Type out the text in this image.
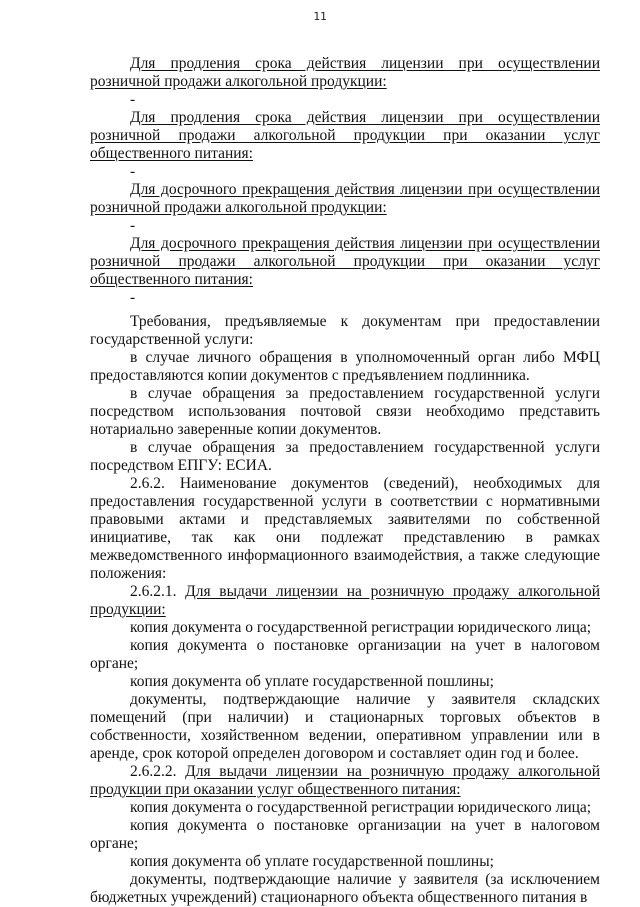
11

Для продления срока действия лицензии при осуществлении розничной продажи алкогольной продукции:

-

Для продления срока действия лицензии при осуществлении розничной продажи алкогольной продукции при оказании услуг общественного питания:

-

Для досрочного прекращения действия лицензии при осуществлении розничной продажи алкогольной продукции:

-

Для досрочного прекращения действия лицензии при осуществлении розничной продажи алкогольной продукции при оказании услуг общественного питания:

-

Требования, предъявляемые к документам при предоставлении государственной услуги:

в случае личного обращения в уполномоченный орган либо МФЦ предоставляются копии документов с предъявлением подлинника.

в случае обращения за предоставлением государственной услуги посредством использования почтовой связи необходимо представить нотариально заверенные копии документов.

в случае обращения за предоставлением государственной услуги посредством ЕПГУ: ЕСИА.

2.6.2. Наименование документов (сведений), необходимых для предоставления государственной услуги в соответствии с нормативными правовыми актами и представляемых заявителями по собственной инициативе, так как они подлежат представлению в рамках межведомственного информационного взаимодействия, а также следующие положения:

2.6.2.1. Для выдачи лицензии на розничную продажу алкогольной продукции:

копия документа о государственной регистрации юридического лица;

копия документа о постановке организации на учет в налоговом органе;

копия документа об уплате государственной пошлины;

документы, подтверждающие наличие у заявителя складских помещений (при наличии) и стационарных торговых объектов в собственности, хозяйственном ведении, оперативном управлении или в аренде, срок которой определен договором и составляет один год и более.

2.6.2.2. Для выдачи лицензии на розничную продажу алкогольной продукции при оказании услуг общественного питания:

копия документа о государственной регистрации юридического лица;

копия документа о постановке организации на учет в налоговом органе;

копия документа об уплате государственной пошлины;

документы, подтверждающие наличие у заявителя (за исключением бюджетных учреждений) стационарного объекта общественного питания в
